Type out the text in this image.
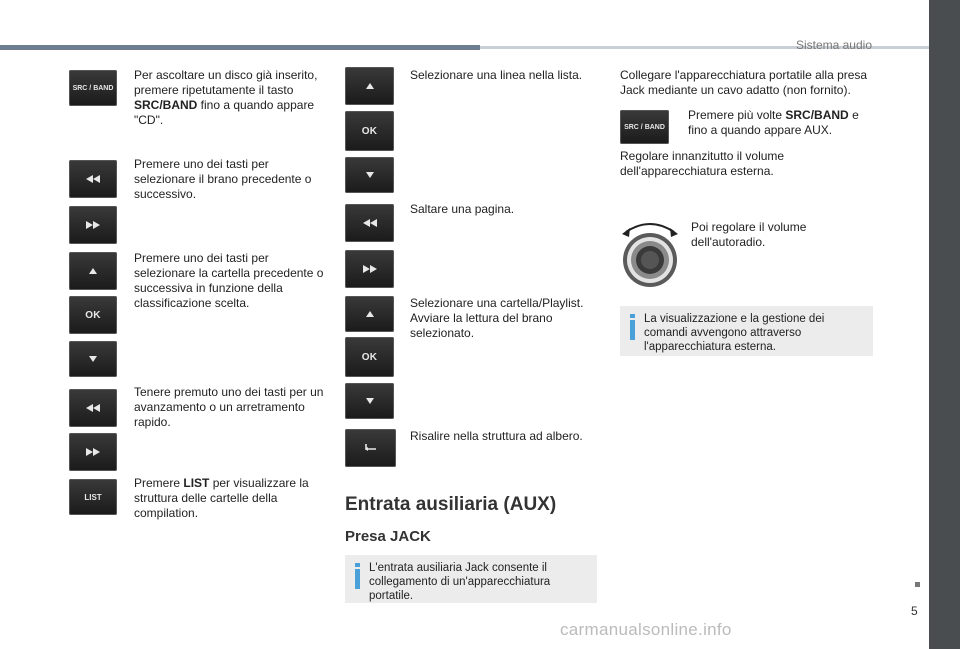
Sistema audio
5
SRC / BAND
Per ascoltare un disco già inserito, premere ripetutamente il tasto SRC/BAND fino a quando appare "CD".
Premere uno dei tasti per selezionare il brano precedente o successivo.
OK
Premere uno dei tasti per selezionare la cartella precedente o successiva in funzione della classificazione scelta.
Tenere premuto uno dei tasti per un avanzamento o un arretramento rapido.
LIST
Premere LIST per visualizzare la struttura delle cartelle della compilation.
OK
Selezionare una linea nella lista.
Saltare una pagina.
OK
Selezionare una cartella/Playlist. Avviare la lettura del brano selezionato.
Risalire nella struttura ad albero.
Entrata ausiliaria (AUX)
Presa JACK
L'entrata ausiliaria Jack consente il collegamento di un'apparecchiatura portatile.
Collegare l'apparecchiatura portatile alla presa Jack mediante un cavo adatto (non fornito).
SRC / BAND
Premere più volte SRC/BAND e fino a quando appare AUX.
Regolare innanzitutto il volume dell'apparecchiatura esterna.
Poi regolare il volume dell'autoradio.
La visualizzazione e la gestione dei comandi avvengono attraverso l'apparecchiatura esterna.
carmanualsonline.info
